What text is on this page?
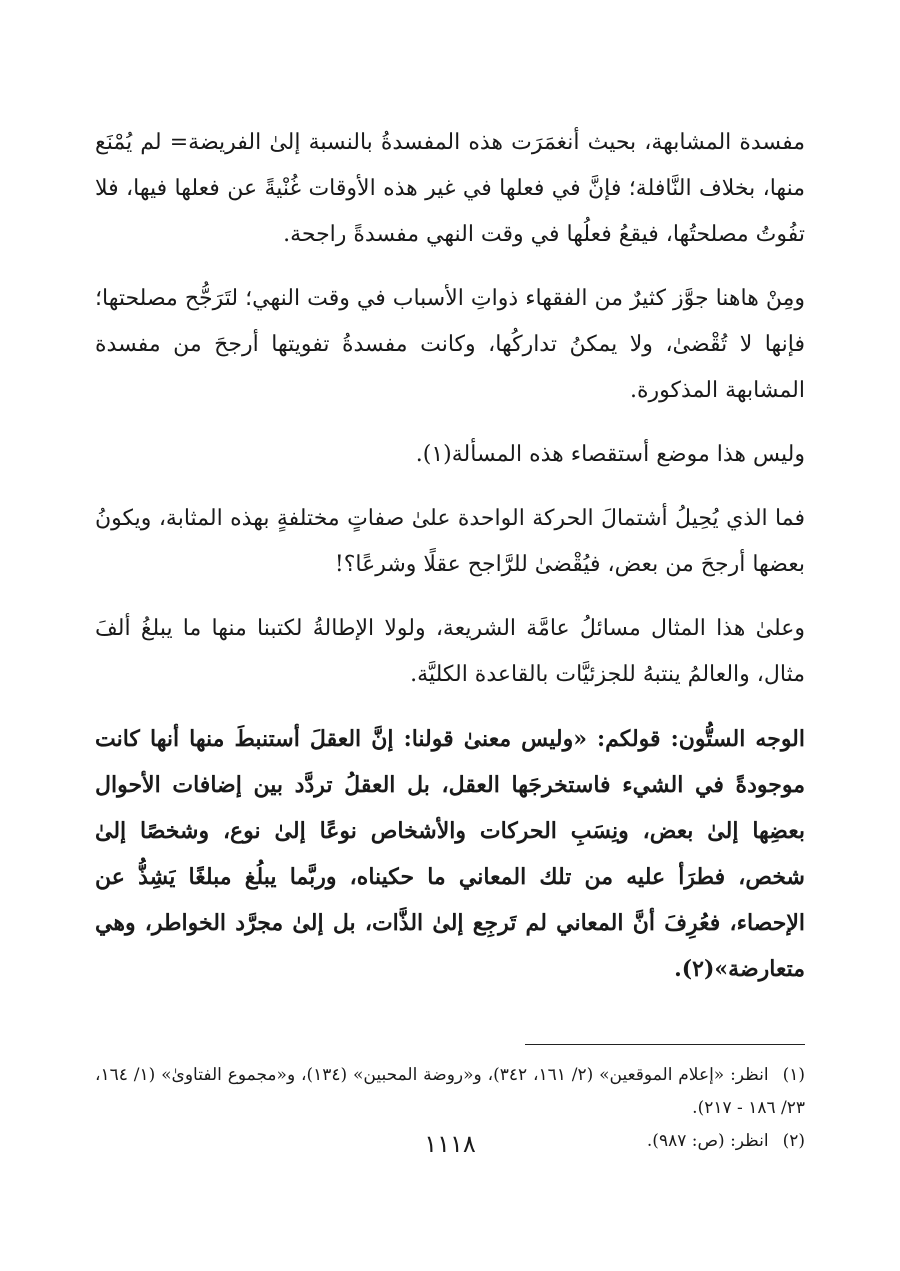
مفسدة المشابهة، بحيث أنغمَرَت هذه المفسدةُ بالنسبة إلىٰ الفريضة= لم يُمْنَع منها، بخلاف النَّافلة؛ فإنَّ في فعلها في غير هذه الأوقات غُنْيةً عن فعلها فيها، فلا تفُوتُ مصلحتُها، فيقعُ فعلُها في وقت النهي مفسدةً راجحة.

ومِنْ هاهنا جوَّز كثيرٌ من الفقهاء ذواتِ الأسباب في وقت النهي؛ لتَرَجُّح مصلحتها؛ فإنها لا تُقْضىٰ، ولا يمكنُ تداركُها، وكانت مفسدةُ تفويتها أرجحَ من مفسدة المشابهة المذكورة.

وليس هذا موضع أستقصاء هذه المسألة(١).

فما الذي يُحِيلُ أشتمالَ الحركة الواحدة علىٰ صفاتٍ مختلفةٍ بهذه المثابة، ويكونُ بعضها أرجحَ من بعض، فيُقْضىٰ للرَّاجح عقلًا وشرعًا؟!

وعلىٰ هذا المثال مسائلُ عامَّة الشريعة، ولولا الإطالةُ لكتبنا منها ما يبلغُ ألفَ مثال، والعالمُ ينتبهُ للجزئيَّات بالقاعدة الكليَّة.

الوجه الستُّون: قولكم: «وليس معنىٰ قولنا: إنَّ العقلَ أستنبطَ منها أنها كانت موجودةً في الشيء فاستخرجَها العقل، بل العقلُ تردَّد بين إضافات الأحوال بعضِها إلىٰ بعض، ونِسَبِ الحركات والأشخاص نوعًا إلىٰ نوع، وشخصًا إلىٰ شخص، فطرَأ عليه من تلك المعاني ما حكيناه، وربَّما يبلُغ مبلغًا يَشِذُّ عن الإحصاء، فعُرِفَ أنَّ المعاني لم تَرجِع إلىٰ الذَّات، بل إلىٰ مجرَّد الخواطر، وهي متعارضة»(٢).

(١)انظر: «إعلام الموقعين» (٢/ ١٦١، ٣٤٢)، و«روضة المحبين» (١٣٤)، و«مجموع الفتاوىٰ» (١/ ١٦٤، ٢٣/ ١٨٦ - ٢١٧).

(٢)انظر: (ص: ٩٨٧).

١١١٨
